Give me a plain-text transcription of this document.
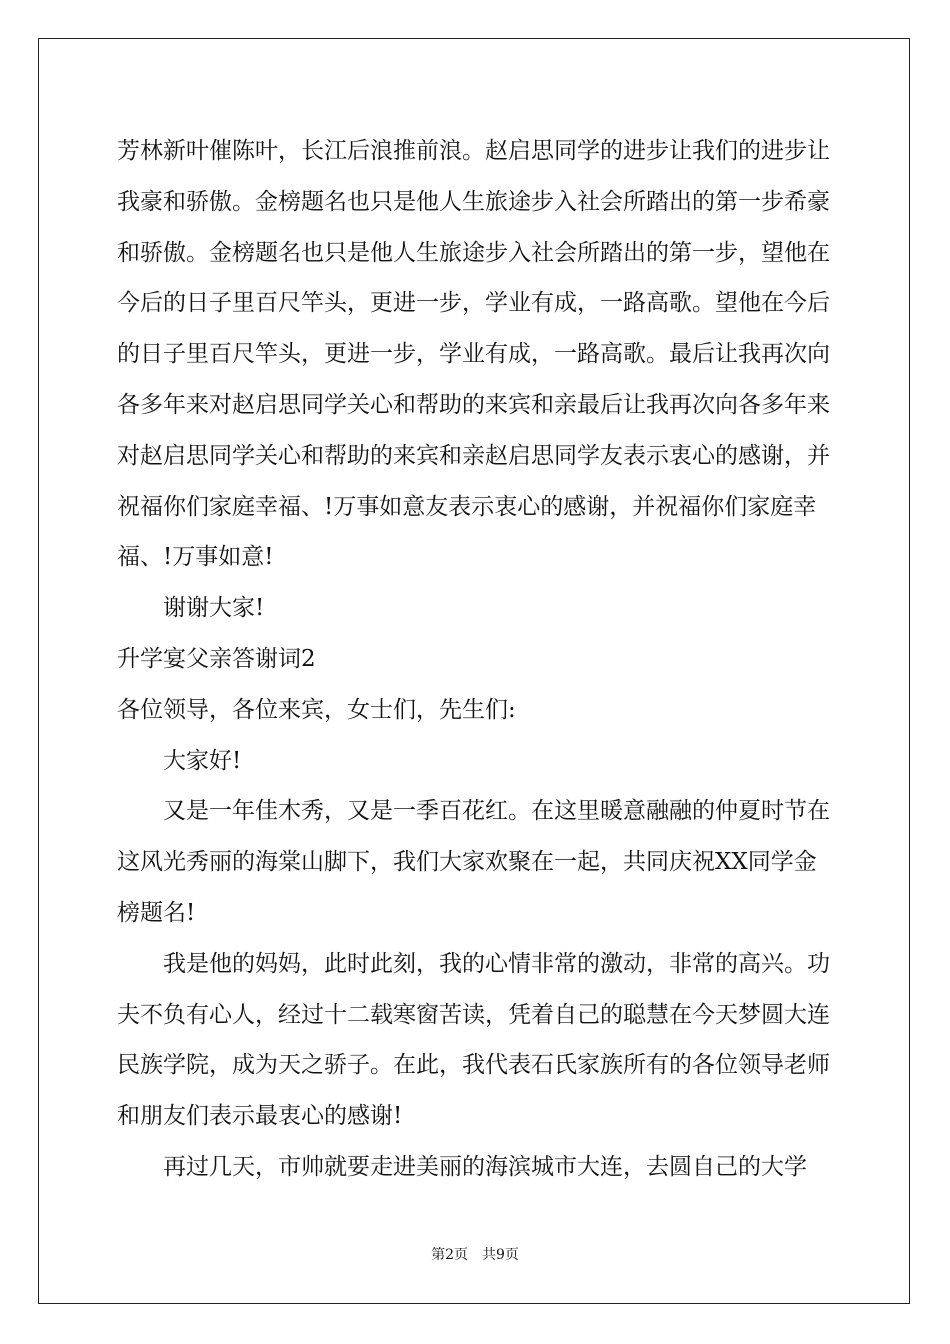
芳林新叶催陈叶，长江后浪推前浪。赵启思同学的进步让我们的进步让我豪和骄傲。金榜题名也只是他人生旅途步入社会所踏出的第一步希豪和骄傲。金榜题名也只是他人生旅途步入社会所踏出的第一步，望他在今后的日子里百尺竿头，更进一步，学业有成，一路高歌。望他在今后的日子里百尺竿头，更进一步，学业有成，一路高歌。最后让我再次向各多年来对赵启思同学关心和帮助的来宾和亲最后让我再次向各多年来对赵启思同学关心和帮助的来宾和亲赵启思同学友表示衷心的感谢，并祝福你们家庭幸福、!万事如意友表示衷心的感谢，并祝福你们家庭幸福、!万事如意!

谢谢大家!

升学宴父亲答谢词2

各位领导，各位来宾，女士们，先生们:

大家好!

又是一年佳木秀，又是一季百花红。在这里暖意融融的仲夏时节在这风光秀丽的海棠山脚下，我们大家欢聚在一起，共同庆祝XX同学金榜题名!

我是他的妈妈，此时此刻，我的心情非常的激动，非常的高兴。功夫不负有心人，经过十二载寒窗苦读，凭着自己的聪慧在今天梦圆大连民族学院，成为天之骄子。在此，我代表石氏家族所有的各位领导老师和朋友们表示最衷心的感谢!

再过几天，市帅就要走进美丽的海滨城市大连，去圆自己的大学

第2页　共9页
